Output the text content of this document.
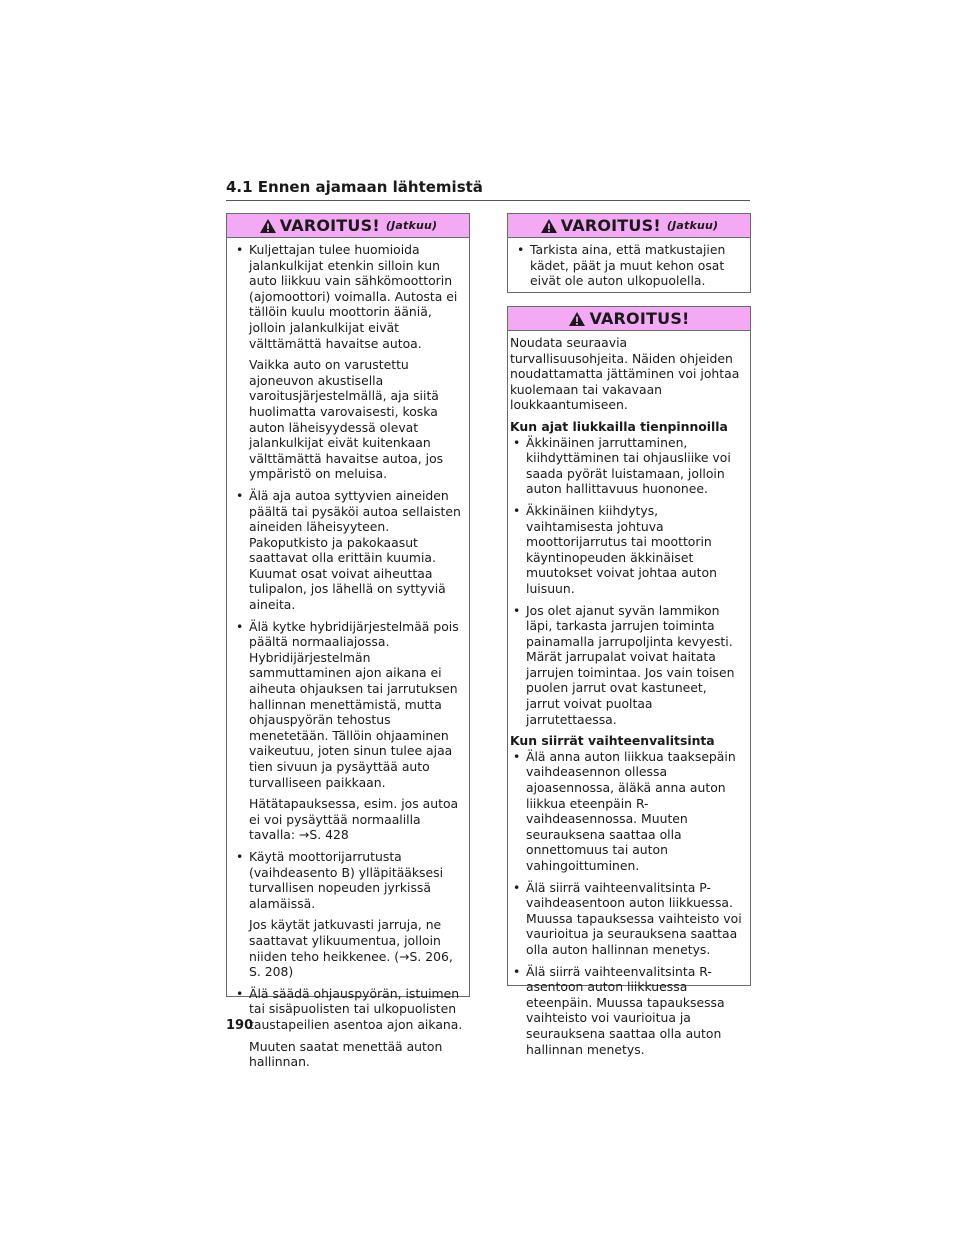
4.1 Ennen ajamaan lähtemistä
VAROITUS! (Jatkuu)

• Kuljettajan tulee huomioida jalankulkijat etenkin silloin kun auto liikkuu vain sähkömoottorin (ajomoottori) voimalla. Autosta ei tällöin kuulu moottorin ääniä, jolloin jalankulkijat eivät välttämättä havaitse autoa.

Vaikka auto on varustettu ajoneuvon akustisella varoitusjärjestelmällä, aja siitä huolimatta varovaisesti, koska auton läheisyydessä olevat jalankulkijat eivät kuitenkaan välttämättä havaitse autoa, jos ympäristö on meluisa.

• Älä aja autoa syttyvien aineiden päältä tai pysäköi autoa sellaisten aineiden läheisyyteen. Pakoputkisto ja pakokaasut saattavat olla erittäin kuumia. Kuumat osat voivat aiheuttaa tulipalon, jos lähellä on syttyviä aineita.

• Älä kytke hybridijärjestelmää pois päältä normaaliajossa. Hybridijärjestelmän sammuttaminen ajon aikana ei aiheuta ohjauksen tai jarrutuksen hallinnan menettämistä, mutta ohjauspyörän tehostus menetetään. Tällöin ohjaaminen vaikeutuu, joten sinun tulee ajaa tien sivuun ja pysäyttää auto turvalliseen paikkaan.

Hätätapauksessa, esim. jos autoa ei voi pysäyttää normaalilla tavalla: →S. 428

• Käytä moottorijarrutusta (vaihdeasento B) ylläpitääksesi turvallisen nopeuden jyrkissä alamäissä.

Jos käytät jatkuvasti jarruja, ne saattavat ylikuumentua, jolloin niiden teho heikkenee. (→S. 206, S. 208)

• Älä säädä ohjauspyörän, istuimen tai sisäpuolisten tai ulkopuolisten taustapeilien asentoa ajon aikana.

Muuten saatat menettää auton hallinnan.

VAROITUS! (Jatkuu)

• Tarkista aina, että matkustajien kädet, päät ja muut kehon osat eivät ole auton ulkopuolella.

VAROITUS!

Noudata seuraavia turvallisuusohjeita. Näiden ohjeiden noudattamatta jättäminen voi johtaa kuolemaan tai vakavaan loukkaantumiseen.

Kun ajat liukkailla tienpinnoilla

• Äkkinäinen jarruttaminen, kiihdyttäminen tai ohjausliike voi saada pyörät luistamaan, jolloin auton hallittavuus huononee.

• Äkkinäinen kiihdytys, vaihtamisesta johtuva moottorijarrutus tai moottorin käyntinopeuden äkkinäiset muutokset voivat johtaa auton luisuun.

• Jos olet ajanut syvän lammikon läpi, tarkasta jarrujen toiminta painamalla jarrupoljinta kevyesti. Märät jarrupalat voivat haitata jarrujen toimintaa. Jos vain toisen puolen jarrut ovat kastuneet, jarrut voivat puoltaa jarrutettaessa.

Kun siirrät vaihteenvalitsinta

• Älä anna auton liikkua taaksepäin vaihdeasennon ollessa ajoasennossa, äläkä anna auton liikkua eteenpäin R-vaihdeasennossa. Muuten seurauksena saattaa olla onnettomuus tai auton vahingoittuminen.

• Älä siirrä vaihteenvalitsinta P-vaihdeasentoon auton liikkuessa. Muussa tapauksessa vaihteisto voi vaurioitua ja seurauksena saattaa olla auton hallinnan menetys.

• Älä siirrä vaihteenvalitsinta R-asentoon auton liikkuessa eteenpäin. Muussa tapauksessa vaihteisto voi vaurioitua ja seurauksena saattaa olla auton hallinnan menetys.

190
